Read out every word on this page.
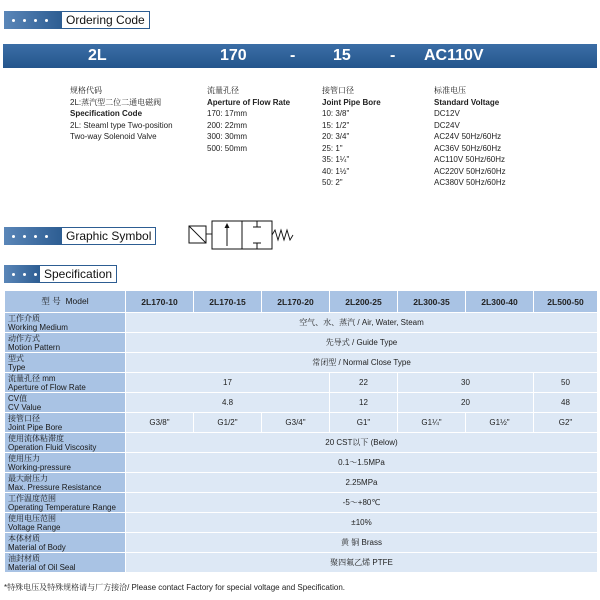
Ordering Code
2L	170	- 15 - AC110V
规格代码
2L:蒸汽型二位二通电磁阀
Specification Code
2L: Steaml type Two-position
Two-way Solenoid Valve
流量孔径
Aperture of Flow Rate
170: 17mm
200: 22mm
300: 30mm
500: 50mm
接管口径
Joint Pipe Bore
10: 3/8"
15: 1/2"
20: 3/4"
25: 1"
35: 1¼"
40: 1½"
50: 2"
标准电压
Standard Voltage
DC12V
DC24V
AC24V 50Hz/60Hz
AC36V 50Hz/60Hz
AC110V 50Hz/60Hz
AC220V 50Hz/60Hz
AC380V 50Hz/60Hz
Graphic Symbol
Specification
型 号 Model	2L170-10	2L170-15	2L170-20	2L200-25	2L300-35	2L300-40	2L500-50

工作介质
Working Medium	空气、水、蒸汽 / Air, Water, Steam						

动作方式
Motion Pattern	先导式 / Guide Type						

型式
Type	常闭型 / Normal Close Type						

流量孔径 mm
Aperture of Flow Rate	17			22	30		50

CV值
CV Value	4.8			12	20		48

接管口径
Joint Pipe Bore	G3/8"	G1/2"	G3/4"	G1"	G1¼"	G1½"	G2"

使用流体粘滞度
Operation Fluid Viscosity	20 CST以下 (Below)						

使用压力
Working-pressure	0.1～1.5MPa						

最大耐压力
Max. Pressure Resistance	2.25MPa						

工作温度范围
Operating Temperature Range	-5～+80℃						

使用电压范围
Voltage Range	±10%						

本体材质
Material of Body	黄 铜 Brass						

油封材质
Material of Oil Seal	聚四氟乙烯 PTFE						
*特殊电压及特殊规格请与厂方接洽/ Please contact Factory for special voltage and Specification.
